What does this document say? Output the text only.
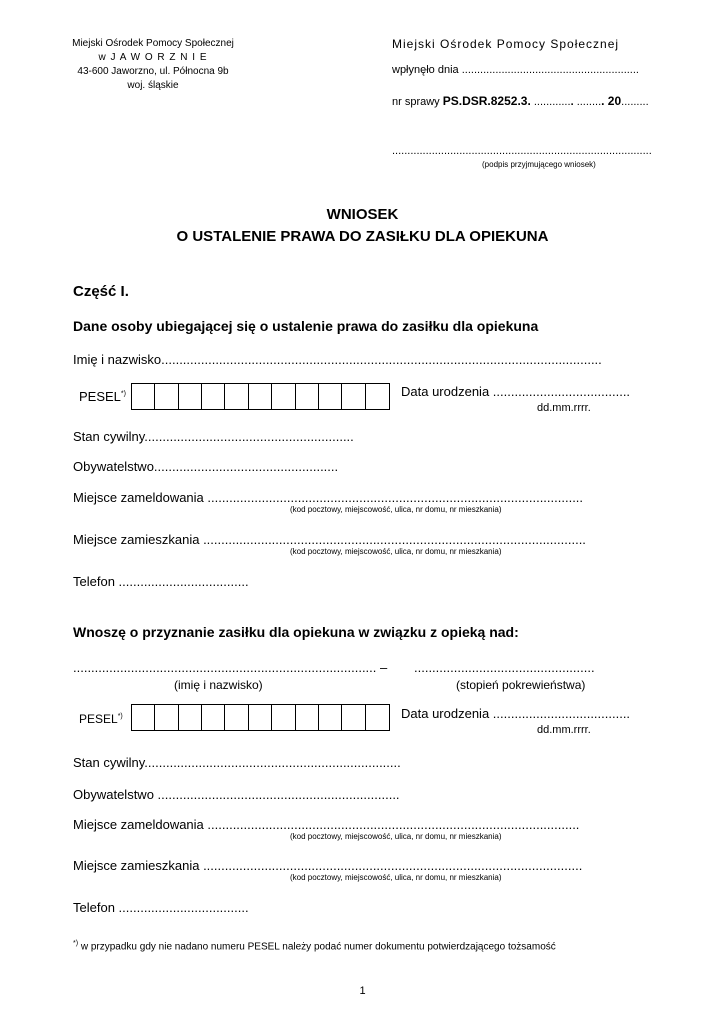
Miejski Ośrodek Pomocy Społecznej
w J A W O R Z N I E
43-600 Jaworzno, ul. Północna 9b
woj. śląskie
Miejski Ośrodek Pomocy Społecznej
wpłynęło dnia ..........................................................
nr sprawy PS.DSR.8252.3. ............. ......... 20.........
.....................................................................................
(podpis przyjmującego wniosek)
WNIOSEK
O USTALENIE PRAWA DO ZASIŁKU DLA OPIEKUNA
Część I.
Dane osoby ubiegającej się o ustalenie prawa do zasiłku dla opiekuna
Imię i nazwisko..........................................................................................................................
PESEL*)	Data urodzenia ......................................
dd.mm.rrrr.
Stan cywilny..........................................................
Obywatelstwo...................................................
Miejsce zameldowania ........................................................................................................
(kod pocztowy, miejscowość, ulica, nr domu, nr mieszkania)
Miejsce zamieszkania ..........................................................................................................
(kod pocztowy, miejscowość, ulica, nr domu, nr mieszkania)
Telefon ....................................
Wnoszę o przyznanie zasiłku dla opiekuna w związku z opieką nad:
.................................................................................... – ..................................................
(imię i nazwisko)	(stopień pokrewieństwa)
PESEL*)	Data urodzenia ......................................
dd.mm.rrrr.
Stan cywilny.......................................................................
Obywatelstwo ...................................................................
Miejsce zameldowania .......................................................................................................
(kod pocztowy, miejscowość, ulica, nr domu, nr mieszkania)
Miejsce zamieszkania .........................................................................................................
(kod pocztowy, miejscowość, ulica, nr domu, nr mieszkania)
Telefon ....................................
*) w przypadku gdy nie nadano numeru PESEL należy podać numer dokumentu potwierdzającego tożsamość
1
